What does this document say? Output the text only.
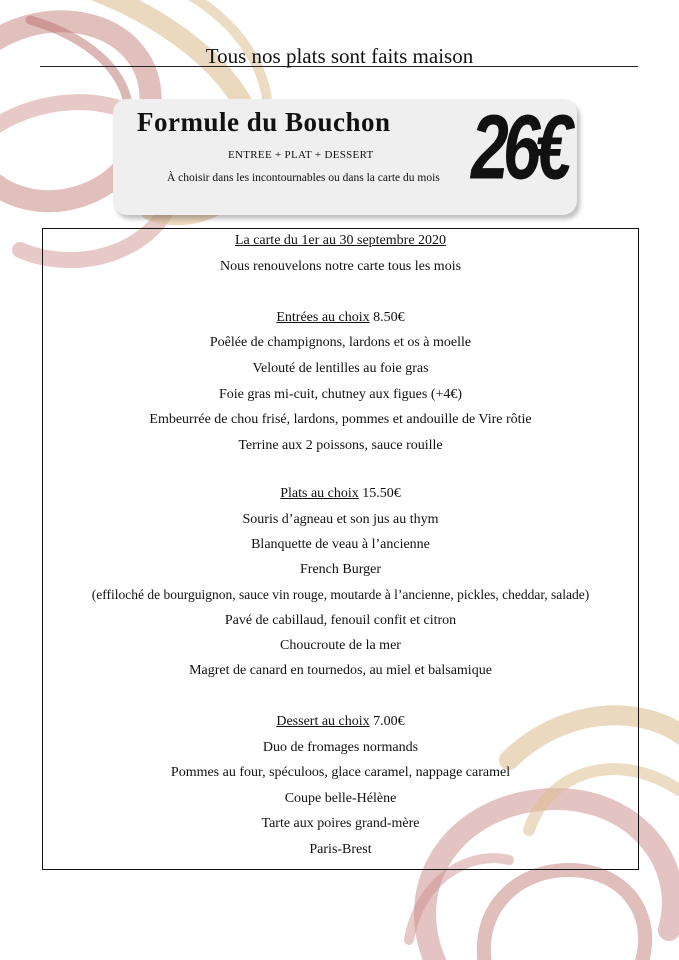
Tous nos plats sont faits maison
Formule du Bouchon
ENTREE + PLAT + DESSERT
À choisir dans les incontournables ou dans la carte du mois 26€
La carte du 1er au 30 septembre 2020
Nous renouvelons notre carte tous les mois
Entrées au choix 8.50€
Poêlée de champignons, lardons et os à moelle
Velouté de lentilles au foie gras
Foie gras mi-cuit, chutney aux figues (+4€)
Embeurrée de chou frisé, lardons, pommes et andouille de Vire rôtie
Terrine aux 2 poissons, sauce rouille
Plats au choix 15.50€
Souris d’agneau et son jus au thym
Blanquette de veau à l’ancienne
French Burger
(effiloché de bourguignon, sauce vin rouge, moutarde à l’ancienne, pickles, cheddar, salade)
Pavé de cabillaud, fenouil confit et citron
Choucroute de la mer
Magret de canard en tournedos, au miel et balsamique
Dessert au choix 7.00€
Duo de fromages normands
Pommes au four, spéculoos, glace caramel, nappage caramel
Coupe belle-Hélène
Tarte aux poires grand-mère
Paris-Brest
